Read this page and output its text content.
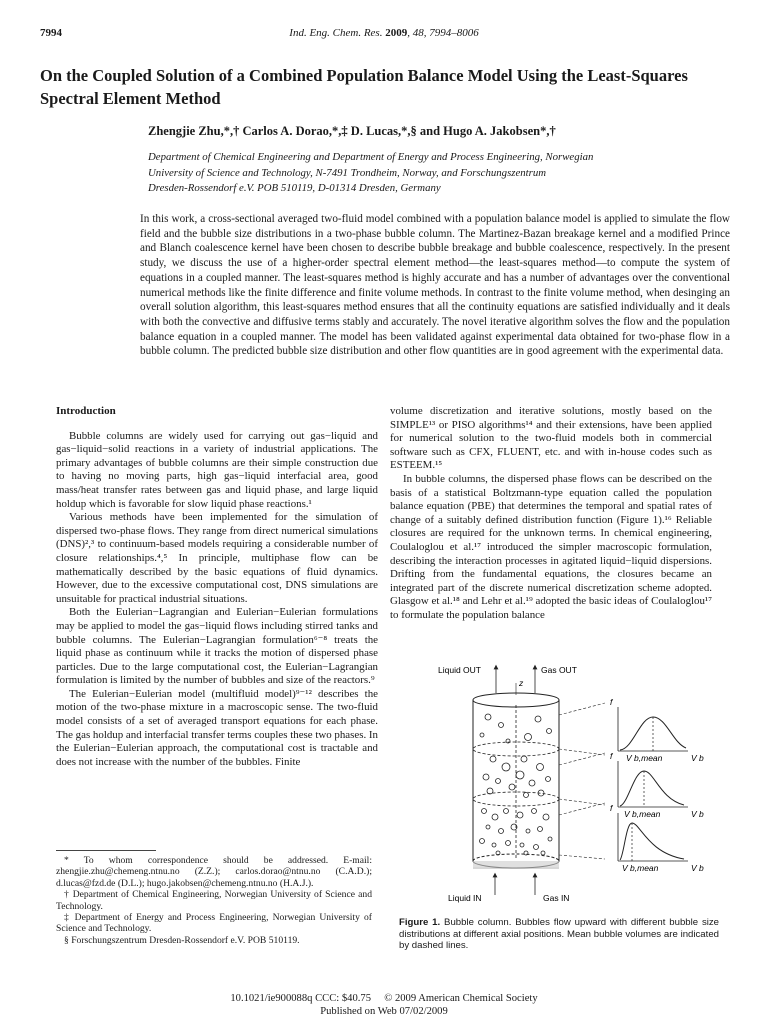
7994	Ind. Eng. Chem. Res. 2009, 48, 7994–8006
On the Coupled Solution of a Combined Population Balance Model Using the Least-Squares Spectral Element Method
Zhengjie Zhu,*,† Carlos A. Dorao,*,‡ D. Lucas,*,§ and Hugo A. Jakobsen*,†
Department of Chemical Engineering and Department of Energy and Process Engineering, Norwegian
University of Science and Technology, N-7491 Trondheim, Norway, and Forschungszentrum
Dresden-Rossendorf e.V. POB 510119, D-01314 Dresden, Germany
In this work, a cross-sectional averaged two-fluid model combined with a population balance model is applied to simulate the flow field and the bubble size distributions in a two-phase bubble column. The Martinez-Bazan breakage kernel and a modified Prince and Blanch coalescence kernel have been chosen to describe bubble breakage and bubble coalescence, respectively. In the present study, we discuss the use of a higher-order spectral element method—the least-squares method—to compute the system of equations in a coupled manner. The least-squares method is highly accurate and has a number of advantages over the conventional numerical methods like the finite difference and finite volume methods. In contrast to the finite volume method, when desinging an overall solution algorithm, this least-squares method ensures that all the continuity equations are satisfied individually and it deals with both the convective and diffusive terms stably and accurately. The novel iterative algorithm solves the flow and the population balance equation in a coupled manner. The model has been validated against experimental data obtained for two-phase flow in a bubble column. The predicted bubble size distribution and other flow quantities are in good agreement with the experimental data.
Introduction

Bubble columns are widely used for carrying out gas−liquid and gas−liquid−solid reactions in a variety of industrial applications. The primary advantages of bubble columns are their simple construction due to having no moving parts, high gas−liquid interfacial area, good mass/heat transfer rates between gas and liquid phase, and large liquid holdup which is favorable for slow liquid phase reactions.¹

Various methods have been implemented for the simulation of dispersed two-phase flows. They range from direct numerical simulations (DNS)²,³ to continuum-based models requiring a considerable number of closure relationships.⁴,⁵ In principle, multiphase flow can be mathematically described by the basic equations of fluid dynamics. However, due to the excessive computational cost, DNS simulations are unsuitable for practical industrial situations.

Both the Eulerian−Lagrangian and Eulerian−Eulerian formulations may be applied to model the gas−liquid flows including stirred tanks and bubble columns. The Eulerian−Lagrangian formulation⁶⁻⁸ treats the liquid phase as continuum while it tracks the motion of dispersed phase particles. Due to the large computational cost, the Eulerian−Lagrangian formulation is limited by the number of bubbles and size of the reactors.⁹

The Eulerian−Eulerian model (multifluid model)⁹⁻¹² describes the motion of the two-phase mixture in a macroscopic sense. The two-fluid model consists of a set of averaged transport equations for each phase. The gas holdup and interfacial transfer terms couples these two phases. In the Eulerian−Eulerian approach, the computational cost is tractable and does not increase with the number of the bubbles. Finite

volume discretization and iterative solutions, mostly based on the SIMPLE¹³ or PISO algorithms¹⁴ and their extensions, have been applied for numerical solution to the two-fluid models both in commercial software such as CFX, FLUENT, etc. and with in-house codes such as ESTEEM.¹⁵

In bubble columns, the dispersed phase flows can be described on the basis of a statistical Boltzmann-type equation called the population balance equation (PBE) that determines the temporal and spatial rates of change of a suitably defined distribution function (Figure 1).¹⁶ Reliable closures are required for the unknown terms. In chemical engineering, Coulaloglou et al.¹⁷ introduced the simpler macroscopic formulation, describing the interaction processes in agitated liquid−liquid dispersions. Drifting from the fundamental equations, the closures became an integrated part of the discrete numerical discretization scheme adopted. Glasgow et al.¹⁸ and Lehr et al.¹⁹ adopted the basic ideas of Coulaloglou¹⁷ to formulate the population balance

* To whom correspondence should be addressed. E-mail: zhengjie.zhu@chemeng.ntnu.no (Z.Z.); carlos.dorao@ntnu.no (C.A.D.); d.lucas@fzd.de (D.L.); hugo.jakobsen@chemeng.ntnu.no (H.A.J.).
† Department of Chemical Engineering, Norwegian University of Science and Technology.
‡ Department of Energy and Process Engineering, Norwegian University of Science and Technology.
§ Forschungszentrum Dresden-Rossendorf e.V. POB 510119.
Liquid OUT	Gas OUT
z
f
V b,mean	V b
f
V b,mean	V b
f
V b,mean	V b
Liquid IN	Gas IN
Figure 1. Bubble column. Bubbles flow upward with different bubble size distributions at different axial positions. Mean bubble volumes are indicated by dashed lines.
10.1021/ie900088q CCC: $40.75     © 2009 American Chemical Society
Published on Web 07/02/2009
